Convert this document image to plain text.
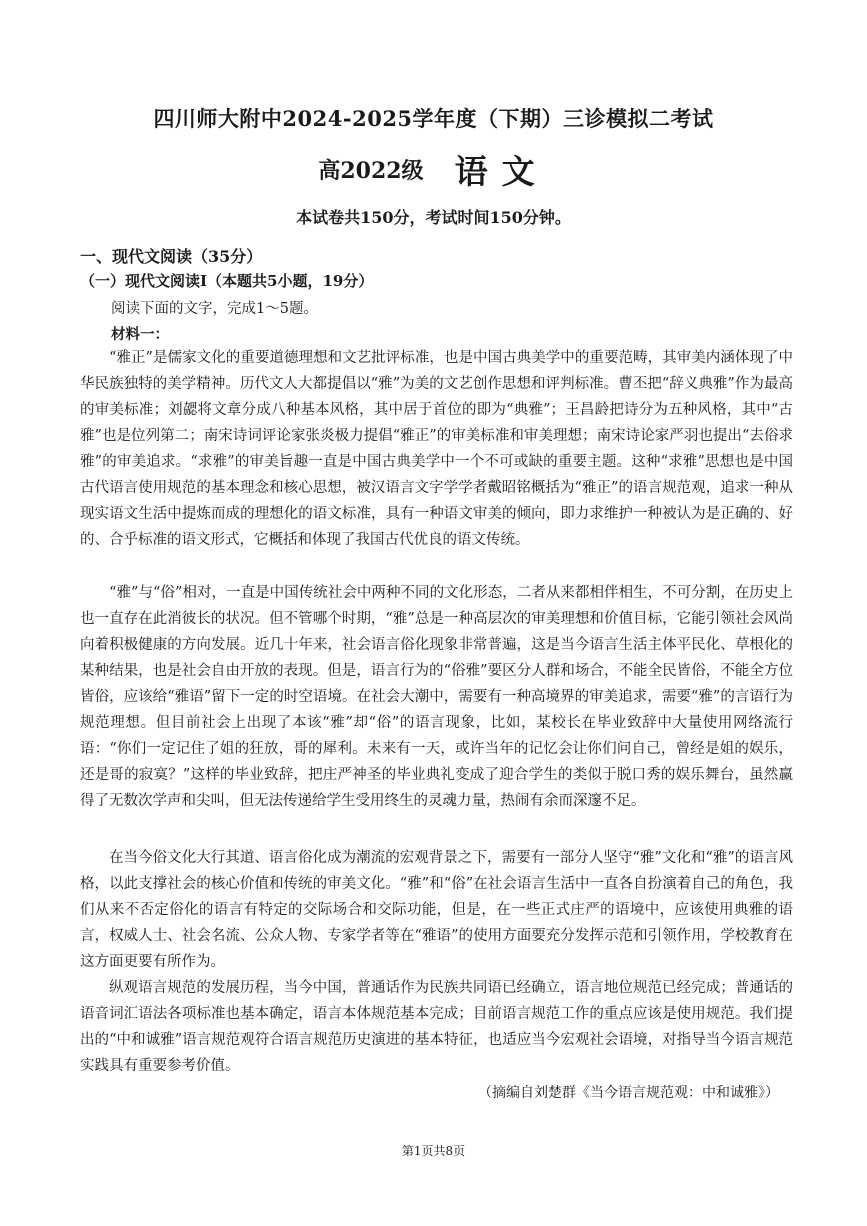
四川师大附中2024-2025学年度（下期）三诊模拟二考试
高2022级 语文
本试卷共150分，考试时间150分钟。
一、现代文阅读（35分）
（一）现代文阅读Ⅰ（本题共5小题，19分）
阅读下面的文字，完成1～5题。
材料一：

“雅正”是儒家文化的重要道德理想和文艺批评标准，也是中国古典美学中的重要范畴，其审美内涵体现了中华民族独特的美学精神。历代文人大都提倡以“雅”为美的文艺创作思想和评判标准。曹丕把“辞义典雅”作为最高的审美标准；刘勰将文章分成八种基本风格，其中居于首位的即为“典雅”；王昌龄把诗分为五种风格，其中“古雅”也是位列第二；南宋诗词评论家张炎极力提倡“雅正”的审美标准和审美理想；南宋诗论家严羽也提出“去俗求雅”的审美追求。“求雅”的审美旨趣一直是中国古典美学中一个不可或缺的重要主题。这种“求雅”思想也是中国古代语言使用规范的基本理念和核心思想，被汉语言文字学学者戴昭铭概括为“雅正”的语言规范观，追求一种从现实语文生活中提炼而成的理想化的语文标准，具有一种语文审美的倾向，即力求维护一种被认为是正确的、好的、合乎标准的语文形式，它概括和体现了我国古代优良的语文传统。

“雅”与“俗”相对，一直是中国传统社会中两种不同的文化形态，二者从来都相伴相生，不可分割，在历史上也一直存在此消彼长的状况。但不管哪个时期，“雅”总是一种高层次的审美理想和价值目标，它能引领社会风尚向着积极健康的方向发展。近几十年来，社会语言俗化现象非常普遍，这是当今语言生活主体平民化、草根化的某种结果，也是社会自由开放的表现。但是，语言行为的“俗雅”要区分人群和场合，不能全民皆俗，不能全方位皆俗，应该给“雅语”留下一定的时空语境。在社会大潮中，需要有一种高境界的审美追求，需要“雅”的言语行为规范理想。但目前社会上出现了本该“雅”却“俗”的语言现象，比如，某校长在毕业致辞中大量使用网络流行语：“你们一定记住了姐的狂放，哥的犀利。未来有一天，或许当年的记忆会让你们问自己，曾经是姐的娱乐，还是哥的寂寞？”这样的毕业致辞，把庄严神圣的毕业典礼变成了迎合学生的类似于脱口秀的娱乐舞台，虽然赢得了无数次学声和尖叫，但无法传递给学生受用终生的灵魂力量，热闹有余而深邃不足。

在当今俗文化大行其道、语言俗化成为潮流的宏观背景之下，需要有一部分人坚守“雅”文化和“雅”的语言风格，以此支撑社会的核心价值和传统的审美文化。“雅”和“俗”在社会语言生活中一直各自扮演着自己的角色，我们从来不否定俗化的语言有特定的交际场合和交际功能，但是，在一些正式庄严的语境中，应该使用典雅的语言，权威人士、社会名流、公众人物、专家学者等在“雅语”的使用方面要充分发挥示范和引领作用，学校教育在这方面更要有所作为。

纵观语言规范的发展历程，当今中国，普通话作为民族共同语已经确立，语言地位规范已经完成；普通话的语音词汇语法各项标准也基本确定，语言本体规范基本完成；目前语言规范工作的重点应该是使用规范。我们提出的“中和诚雅”语言规范观符合语言规范历史演进的基本特征，也适应当今宏观社会语境，对指导当今语言规范实践具有重要参考价值。

（摘编自刘楚群《当今语言规范观：中和诚雅》）
第1页共8页
